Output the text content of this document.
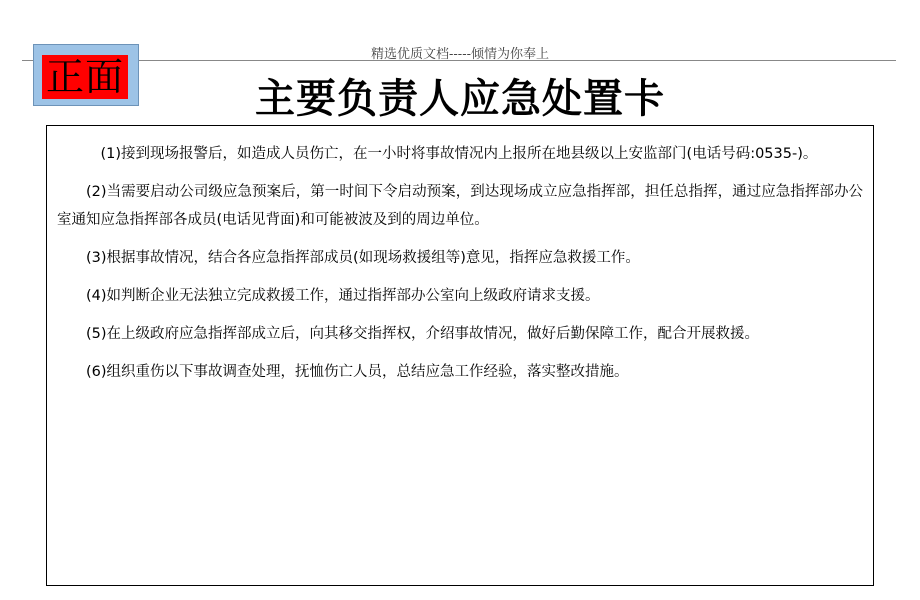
精选优质文档-----倾情为你奉上
正面	主要负责人应急处置卡

(1)接到现场报警后，如造成人员伤亡，在一小时将事故情况内上报所在地县级以上安监部门(电话号码:0535-)。

(2)当需要启动公司级应急预案后，第一时间下令启动预案，到达现场成立应急指挥部，担任总指挥，通过应急指挥部办公室通知应急指挥部各成员(电话见背面)和可能被波及到的周边单位。

(3)根据事故情况，结合各应急指挥部成员(如现场救援组等)意见，指挥应急救援工作。

(4)如判断企业无法独立完成救援工作，通过指挥部办公室向上级政府请求支援。

(5)在上级政府应急指挥部成立后，向其移交指挥权，介绍事故情况，做好后勤保障工作，配合开展救援。

(6)组织重伤以下事故调查处理，抚恤伤亡人员，总结应急工作经验，落实整改措施。
